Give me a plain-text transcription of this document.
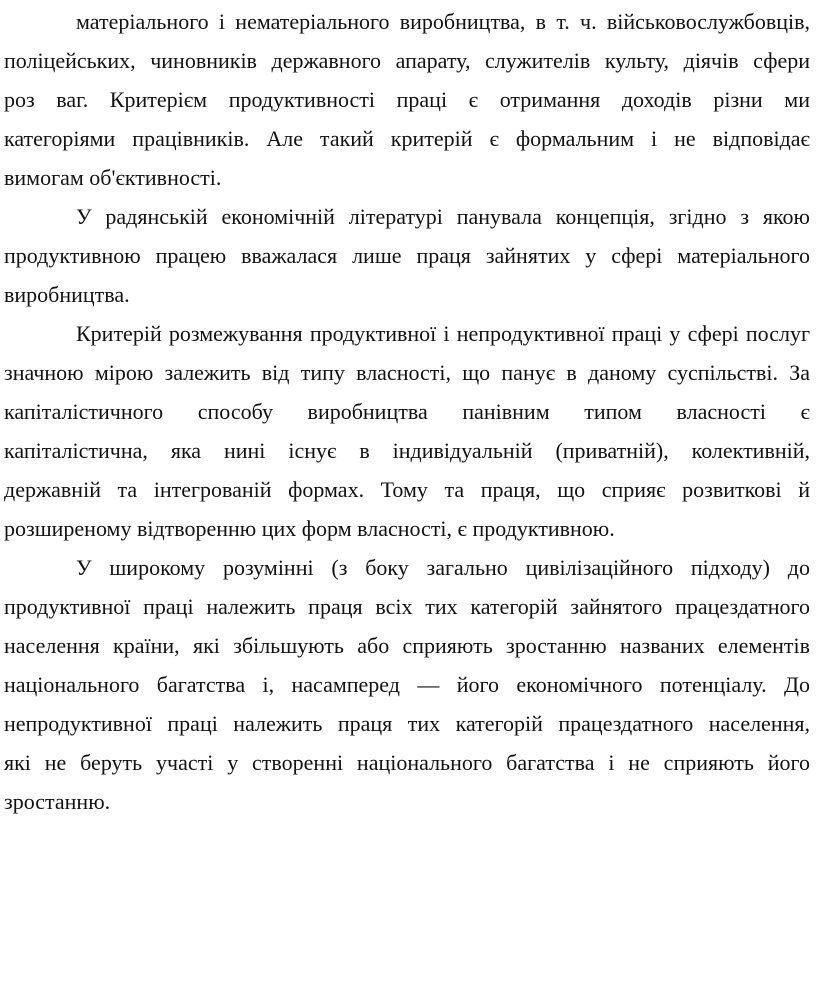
матеріального і нематеріального виробництва, в т. ч. військовослужбовців,
поліцейських, чиновників державного апарату, служителів культу, діячів сфери
роз ваг. Критерієм продуктивності праці є отримання доходів різни ми
категоріями працівників. Але такий критерій є формальним і не відповідає
вимогам об'єктивності.
У радянській економічній літературі панувала концепція, згідно з якою
продуктивною працею вважалася лише праця зайнятих у сфері матеріального
виробництва.
Критерій розмежування продуктивної і непродуктивної праці у сфері послуг
значною мірою залежить від типу власності, що панує в даному суспільстві. За
капіталістичного способу виробництва панівним типом власності є
капіталістична, яка нині існує в індивідуальній (приватній), колективній,
державній та інтегрованій формах. Тому та праця, що сприяє розвиткові й
розширеному відтворенню цих форм власності, є продуктивною.
У широкому розумінні (з боку загально цивілізаційного підходу) до
продуктивної праці належить праця всіх тих категорій зайнятого працездатного
населення країни, які збільшують або сприяють зростанню названих елементів
національного багатства і, насамперед — його економічного потенціалу. До
непродуктивної праці належить праця тих категорій працездатного населення,
які не беруть участі у створенні національного багатства і не сприяють його
зростанню.
